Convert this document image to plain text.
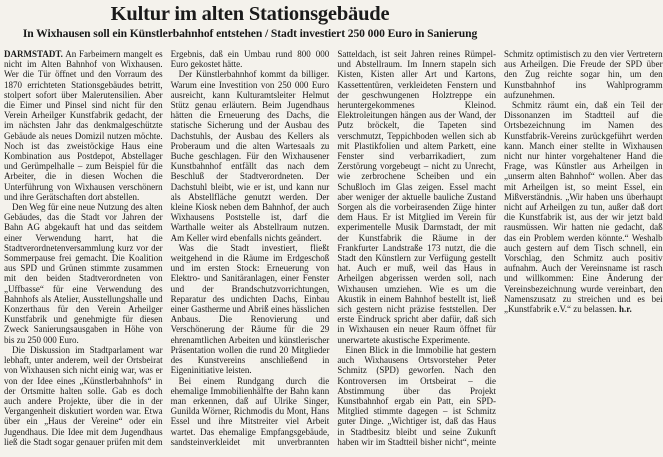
Kultur im alten Stationsgebäude
In Wixhausen soll ein Künstlerbahnhof entstehen / Stadt investiert 250 000 Euro in Sanierung

DARMSTADT. An Farbeimern mangelt es nicht im Alten Bahnhof von Wixhausen. Wer die Tür öffnet und den Vorraum des 1870 errichteten Stationsgebäudes betritt, stolpert sofort über Malerutensilien. Aber die Eimer und Pinsel sind nicht für den Verein Arheilger Kunstfabrik gedacht, der im nächsten Jahr das denkmalgeschützte Gebäude als neues Domizil nutzen möchte. Noch ist das zweistöckige Haus eine Kombination aus Postdepot, Abstellager und Gerümpelhalle – zum Beispiel für die Arbeiter, die in diesen Wochen die Unterführung von Wixhausen verschönern und ihre Gerätschaften dort abstellen.

Den Weg für eine neue Nutzung des alten Gebäudes, das die Stadt vor Jahren der Bahn AG abgekauft hat und das seitdem einer Verwendung harrt, hat die Stadtverordnetenversammlung kurz vor der Sommerpause frei gemacht. Die Koalition aus SPD und Grünen stimmte zusammen mit den beiden Stadtverordneten von „Uffbasse“ für eine Verwendung des Bahnhofs als Atelier, Ausstellungshalle und Konzerthaus für den Verein Arheilger Kunstfabrik und genehmigte für diesen Zweck Sanierungsausgaben in Höhe von bis zu 250 000 Euro.

Die Diskussion im Stadtparlament war lebhaft, unter anderem, weil der Ortsbeirat von Wixhausen sich nicht einig war, was er von der Idee eines „Künstlerbahnhofs“ in der Ortsmitte halten solle. Gab es doch auch andere Projekte, über die in der Vergangenheit diskutiert worden war. Etwa über ein „Haus der Vereine“ oder ein Jugendhaus. Die Idee mit dem Jugendhaus ließ die Stadt sogar genauer prüfen mit dem Ergebnis, daß ein Umbau rund 800 000 Euro gekostet hätte.

Der Künstlerbahnhof kommt da billiger. Warum eine Investition von 250 000 Euro ausreicht, kann Kulturamtsleiter Helmut Stütz genau erläutern. Beim Jugendhaus hätten die Erneuerung des Dachs, die statische Sicherung und der Ausbau des Dachstuhls, der Ausbau des Kellers als Proberaum und die alten Wartesaals zu Buche geschlagen. Für den Wixhausener Kunstbahnhof entfällt das nach dem Beschluß der Stadtverordneten. Der Dachstuhl bleibt, wie er ist, und kann nur als Abstellfläche genutzt werden. Der kleine Kiosk neben dem Bahnhof, der auch Wixhausens Poststelle ist, darf die Warthalle weiter als Abstellraum nutzen. Am Keller wird ebenfalls nichts geändert.

Was die Stadt investiert, fließt weitgehend in die Räume im Erdgeschoß und im ersten Stock: Erneuerung von Elektro- und Sanitäranlagen, einer Fenster und der Brandschutzvorrichtungen, Reparatur des undichten Dachs, Einbau einer Gastherme und Abriß eines hässlichen Anbaus. Die Renovierung und Verschönerung der Räume für die 29 ehrenamtlichen Arbeiten und künstlerischer Präsentation wollen die rund 20 Mitglieder des Kunstvereins anschließend in Eigeninitiative leisten.

Bei einem Rundgang durch die ehemalige Immobilienhälfte der Bahn kann man erkennen, daß auf Ulrike Singer, Gunilda Wörner, Richmodis du Mont, Hans Essel und ihre Mitstreiter viel Arbeit wartet. Das ehemalige Empfangsgebäude, sandsteinverkleidet mit unverbrannten Satteldach, ist seit Jahren reines Rümpel- und Abstellraum. Im Innern stapeln sich Kisten, Kisten aller Art und Kartons, Kassettentüren, verkleideten Fenstern und der geschwungenen Holztreppe ein heruntergekommenes Kleinod. Elektroleitungen hängen aus der Wand, der Putz bröckelt, die Tapeten sind verschmutzt, Teppichboden wellen sich ab mit Plastikfolien und altem Parkett, eine Fenster sind verbarrikadiert, zum Zerstörung vorgebeugt – nicht zu Unrecht, wie zerbrochene Scheiben und ein Schußloch im Glas zeigen. Essel macht aber weniger der aktuelle bauliche Zustand Sorgen als die vorbeirasenden Züge hinter dem Haus. Er ist Mitglied im Verein für experimentelle Musik Darmstadt, der mit der Kunstfabrik die Räume in der Frankfurter Landstraße 173 nutzt, die die Stadt den Künstlern zur Verfügung gestellt hat. Auch er muß, weil das Haus in Arheilgen abgerissen werden soll, nach Wixhausen umziehen. Wie es um die Akustik in einem Bahnhof bestellt ist, ließ sich gestern nicht präzise feststellen. Der erste Eindruck spricht aber dafür, daß sich in Wixhausen ein neuer Raum öffnet für unerwartete akustische Experimente.

Einen Blick in die Immobilie hat gestern auch Wixhausens Ortsvorsteher Peter Schmitz (SPD) geworfen. Nach den Kontroversen im Ortsbeirat – die Abstimmung über das Projekt Kunstbahnhof ergab ein Patt, ein SPD-Mitglied stimmte dagegen – ist Schmitz guter Dinge. „Wichtiger ist, daß das Haus in Stadtbesitz bleibt und seine Zukunft haben wir im Stadtteil bisher nicht“, meinte Schmitz optimistisch zu den vier Vertretern aus Arheilgen. Die Freude der SPD über den Zug reichte sogar hin, um den Kunstbahnhof ins Wahlprogramm aufzunehmen.

Schmitz räumt ein, daß ein Teil der Dissonanzen im Stadtteil auf die Ortsbezeichnung im Namen des Kunstfabrik-Vereins zurückgeführt werden kann. Manch einer stellte in Wixhausen nicht nur hinter vorgehaltener Hand die Frage, was Künstler aus Arheilgen in „unserm alten Bahnhof“ wollen. Aber das mit Arheilgen ist, so meint Essel, ein Mißverständnis. „Wir haben uns überhaupt nicht auf Arheilgen zu tun, außer daß dort die Kunstfabrik ist, aus der wir jetzt bald rausmüssen. Wir hatten nie gedacht, daß das ein Problem werden könnte.“ Weshalb auch gestern auf dem Tisch schnell, ein Vorschlag, den Schmitz auch positiv aufnahm. Auch der Vereinsname ist rasch und willkommen: Eine Änderung der Vereinsbezeichnung wurde vereinbart, den Namenszusatz zu streichen und es bei „Kunstfabrik e.V.“ zu belassen. h.r.
